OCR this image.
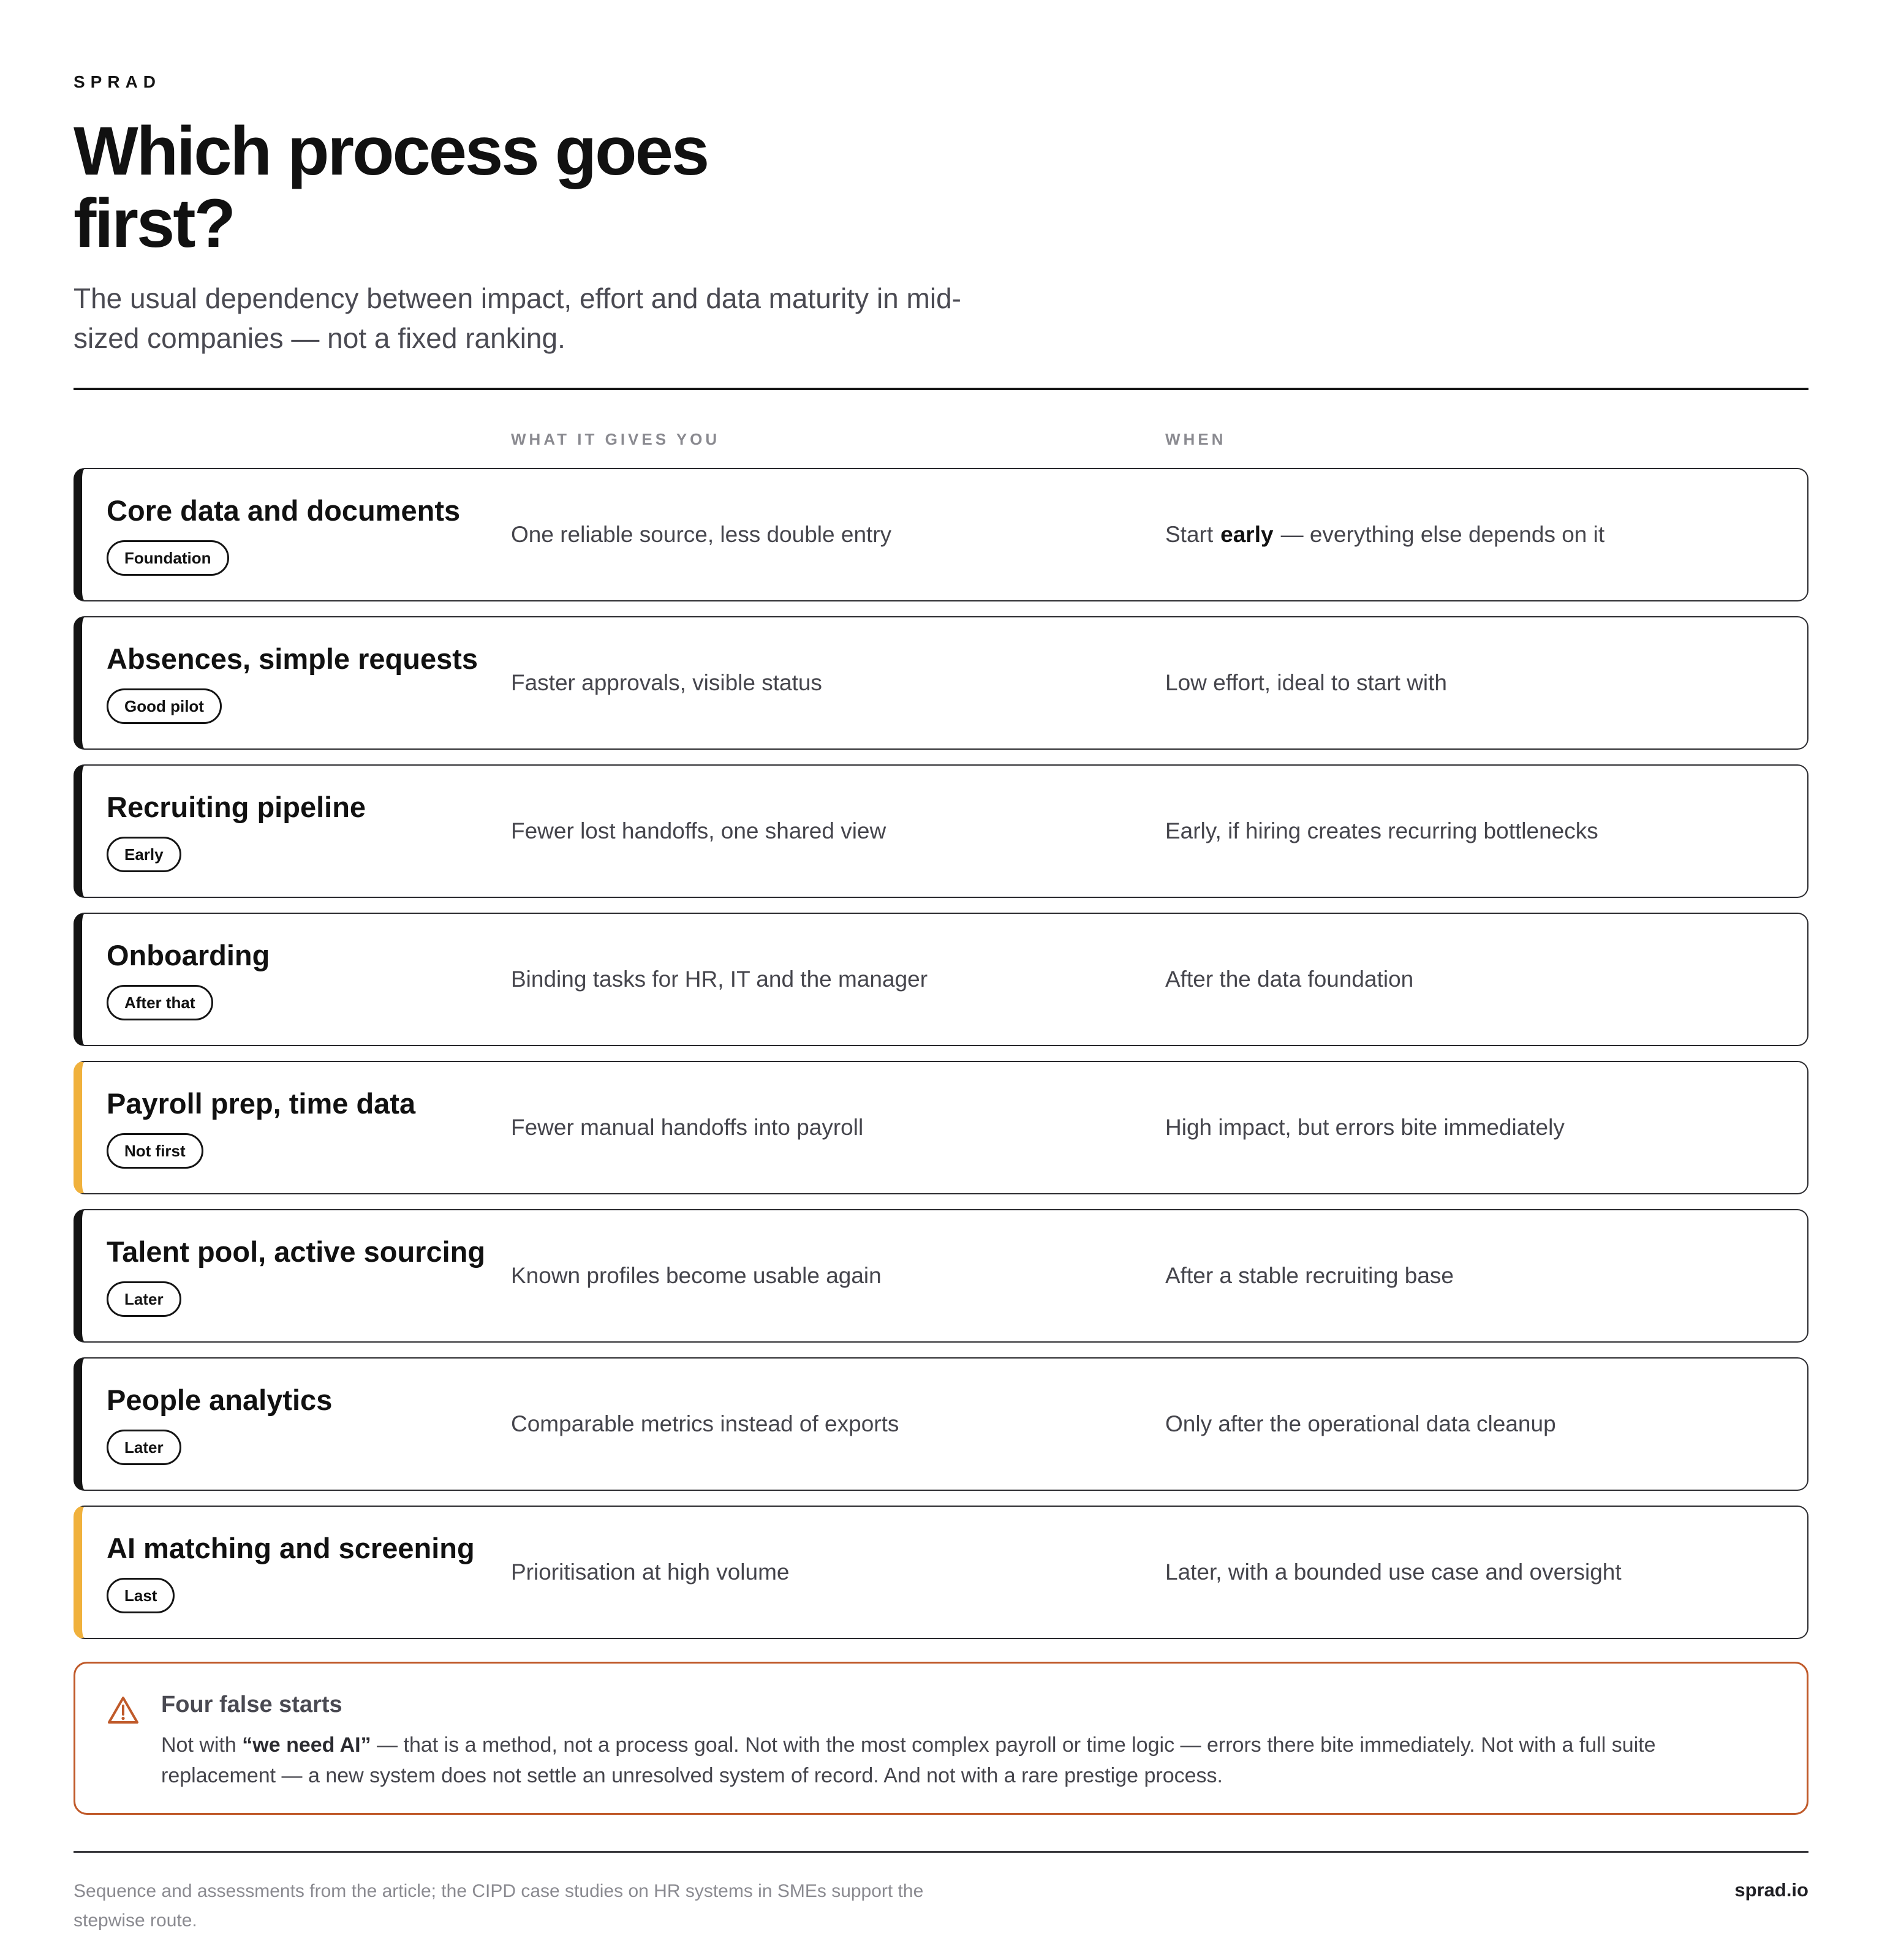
SPRAD
Which process goes first?

The usual dependency between impact, effort and data maturity in mid-sized companies — not a fixed ranking.

WHAT IT GIVES YOU	WHEN
Core data and documents
Foundation
One reliable source, less double entry	Start early — everything else depends on it
Absences, simple requests
Good pilot
Faster approvals, visible status	Low effort, ideal to start with
Recruiting pipeline
Early
Fewer lost handoffs, one shared view	Early, if hiring creates recurring bottlenecks
Onboarding
After that
Binding tasks for HR, IT and the manager	After the data foundation
Payroll prep, time data
Not first
Fewer manual handoffs into payroll	High impact, but errors bite immediately
Talent pool, active sourcing
Later
Known profiles become usable again	After a stable recruiting base
People analytics
Later
Comparable metrics instead of exports	Only after the operational data cleanup
AI matching and screening
Last
Prioritisation at high volume	Later, with a bounded use case and oversight
Four false starts

Not with “we need AI” — that is a method, not a process goal. Not with the most complex payroll or time logic — errors there bite immediately. Not with a full suite replacement — a new system does not settle an unresolved system of record. And not with a rare prestige process.

Sequence and assessments from the article; the CIPD case studies on HR systems in SMEs support the stepwise route.

sprad.io
